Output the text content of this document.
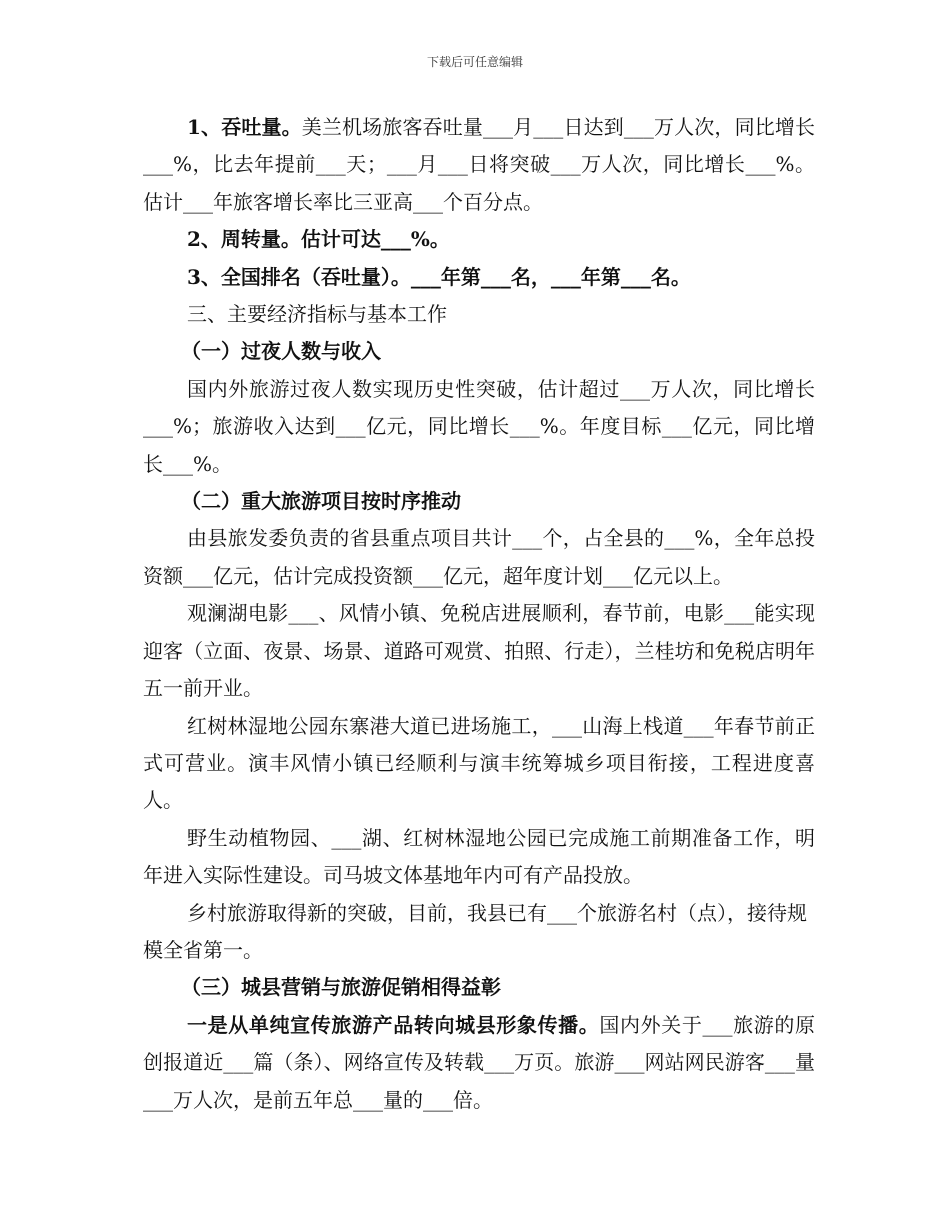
下载后可任意编辑

1、吞吐量。美兰机场旅客吞吐量___月___日达到___万人次，同比增长___%，比去年提前___天；___月___日将突破___万人次，同比增长___%。估计___年旅客增长率比三亚高___个百分点。

2、周转量。估计可达___%。

3、全国排名（吞吐量）。___年第___名，___年第___名。

三、主要经济指标与基本工作

（一）过夜人数与收入

国内外旅游过夜人数实现历史性突破，估计超过___万人次，同比增长___%；旅游收入达到___亿元，同比增长___%。年度目标___亿元，同比增长___%。

（二）重大旅游项目按时序推动

由县旅发委负责的省县重点项目共计___个，占全县的___%，全年总投资额___亿元，估计完成投资额___亿元，超年度计划___亿元以上。

观澜湖电影___、风情小镇、免税店进展顺利，春节前，电影___能实现迎客（立面、夜景、场景、道路可观赏、拍照、行走），兰桂坊和免税店明年五一前开业。

红树林湿地公园东寨港大道已进场施工，___山海上栈道___年春节前正式可营业。演丰风情小镇已经顺利与演丰统筹城乡项目衔接，工程进度喜人。

野生动植物园、___湖、红树林湿地公园已完成施工前期准备工作，明年进入实际性建设。司马坡文体基地年内可有产品投放。

乡村旅游取得新的突破，目前，我县已有___个旅游名村（点），接待规模全省第一。

（三）城县营销与旅游促销相得益彰

一是从单纯宣传旅游产品转向城县形象传播。国内外关于___旅游的原创报道近___篇（条）、网络宣传及转载___万页。旅游___网站网民游客___量___万人次，是前五年总___量的___倍。
